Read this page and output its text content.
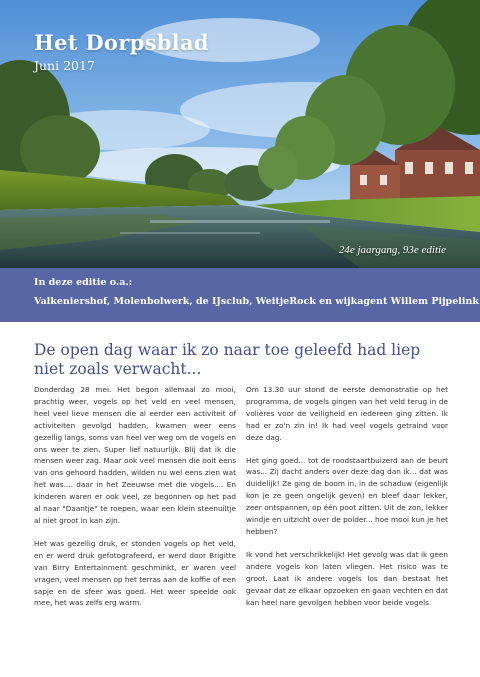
Het Dorpsblad
Juni 2017
24e jaargang, 93e editie
In deze editie o.a.:
Valkeniershof, Molenbolwerk, de IJsclub, WeitjeRock en wijkagent Willem Pijpelink
De open dag waar ik zo naar toe geleefd had liep niet zoals verwacht...

Donderdag 28 mei. Het begon allemaal zo mooi, prachtig weer, vogels op het veld en veel mensen, heel veel lieve mensen die al eerder een activiteit of activiteiten gevolgd hadden, kwamen weer eens gezellig langs, soms van heel ver weg om de vogels en ons weer te zien. Super lief natuurlijk. Blij dat ik die mensen weer zag. Maar ook veel mensen die ooit eens van ons gehoord hadden, wilden nu wel eens zien wat het was.... daar in het Zeeuwse met die vogels.... En kinderen waren er ook veel, ze begonnen op het pad al naar "Daantje" te roepen, waar een klein steenuiltje al niet groot in kan zijn.

Het was gezellig druk, er stonden vogels op het veld, en er werd druk gefotografeerd, er werd door Brigitte van Birry Entertainment geschminkt, er waren veel vragen, veel mensen op het terras aan de koffie of een sapje en de sfeer was goed. Het weer speelde ook mee, het was zelfs erg warm.

Om 13.30 uur stond de eerste demonstratie op het programma, de vogels gingen van het veld terug in de volières voor de veiligheid en iedereen ging zitten. Ik had er zo'n zin in! Ik had veel vogels getraind voor deze dag.

Het ging goed... tot de roodstaartbuizerd aan de beurt was... Zij dacht anders over deze dag dan ik... dat was duidelijk! Ze ging de boom in, in de schaduw (eigenlijk kon je ze geen ongelijk geven) en bleef daar lekker, zeer ontspannen, op één poot zitten. Uit de zon, lekker windje en uitzicht over de polder... hoe mooi kun je het hebben?

Ik vond het verschrikkelijk! Het gevolg was dat ik geen andere vogels kon laten vliegen. Het risico was te groot. Laat ik andere vogels los dan bestaat het gevaar dat ze elkaar opzoeken en gaan vechten en dat kan heel nare gevolgen hebben voor beide vogels.
